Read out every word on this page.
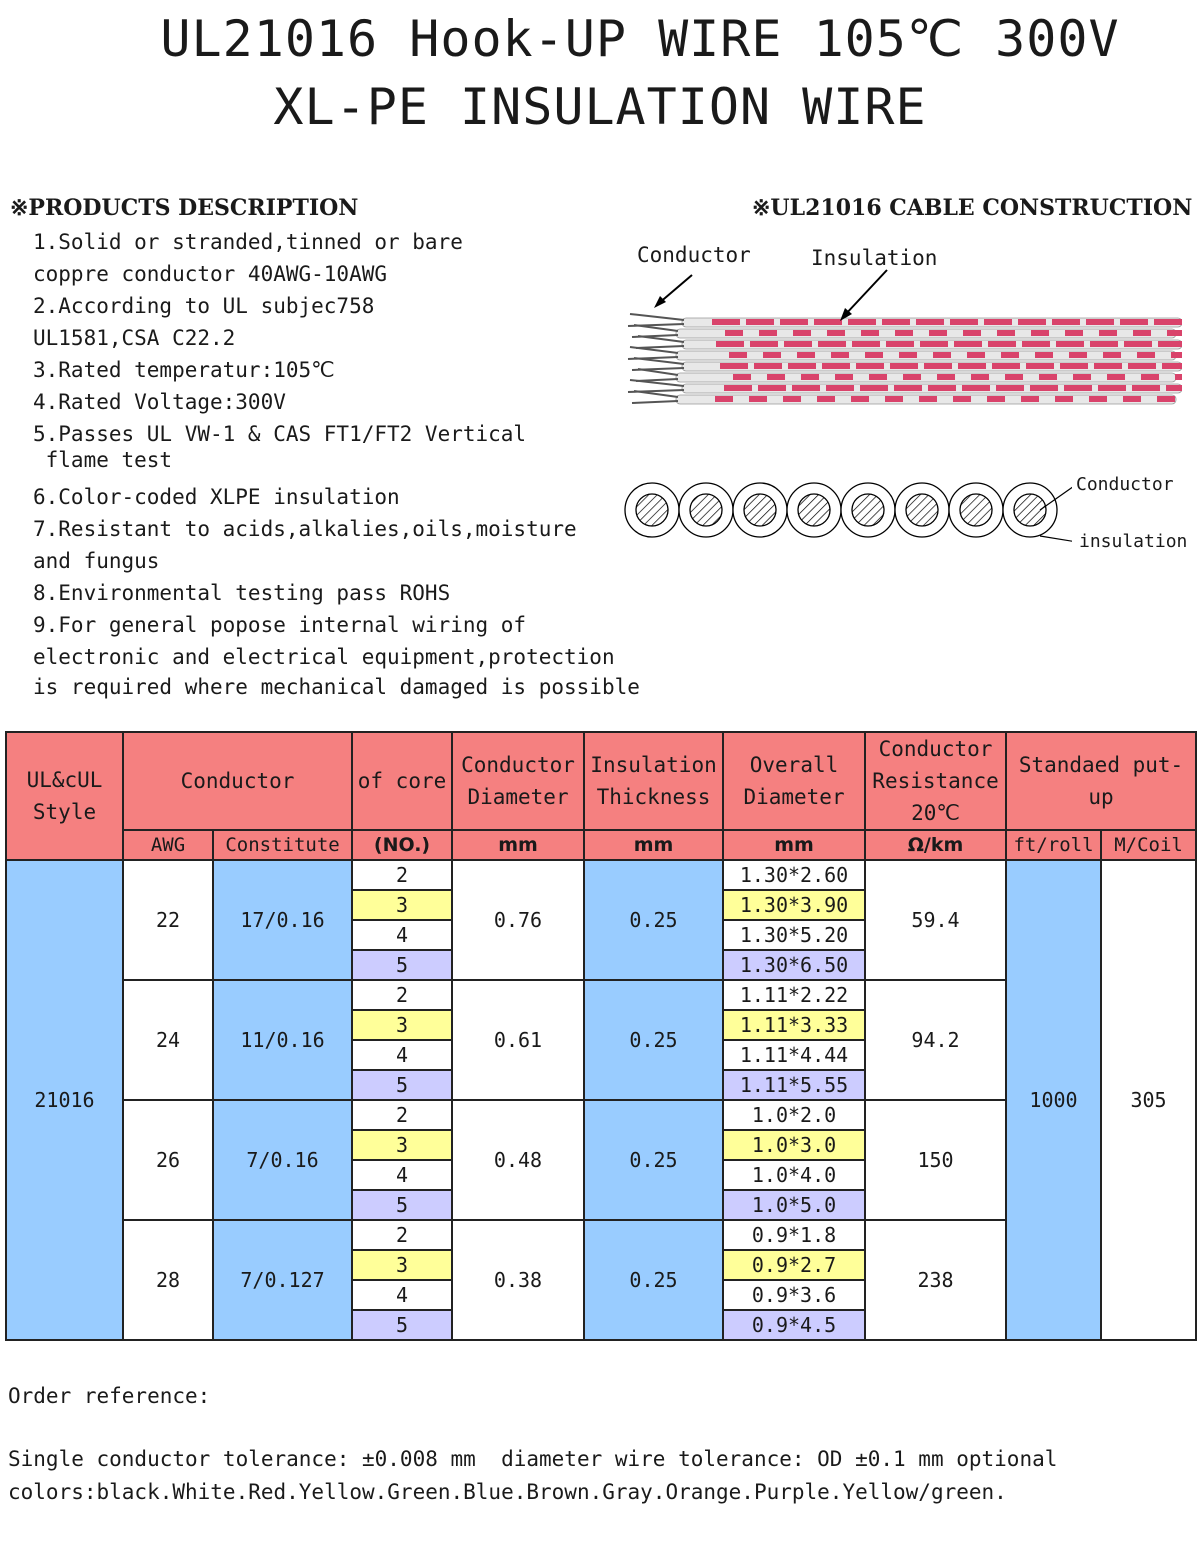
UL21016 Hook-UP WIRE 105℃ 300V
XL-PE INSULATION WIRE
※PRODUCTS DESCRIPTION	※UL21016 CABLE CONSTRUCTION
1.Solid or stranded,tinned or bare
coppre conductor 40AWG-10AWG
2.According to UL subjec758
UL1581,CSA C22.2
3.Rated temperatur:105℃
4.Rated Voltage:300V
5.Passes UL VW-1 & CAS FT1/FT2 Vertical
flame test
6.Color-coded XLPE insulation
7.Resistant to acids,alkalies,oils,moisture
and fungus
8.Environmental testing pass ROHS
9.For general popose internal wiring of
electronic and electrical equipment,protection
is required where mechanical damaged is possible
Conductor	Insulation
Conductor
insulation
UL&cUL Style	Conductor		of core	Conductor Diameter	Insulation Thickness	Overall Diameter	Conductor Resistance 20℃	Standaed put-up	
	AWG	Constitute	(NO.)	mm	mm	mm	Ω/km	ft/roll	M/Coil
21016	22	17/0.16	2	0.76	0.25	1.30*2.60	59.4	1000	305
			3			1.30*3.90			
			4			1.30*5.20			
			5			1.30*6.50			
	24	11/0.16	2	0.61	0.25	1.11*2.22	94.2		
			3			1.11*3.33			
			4			1.11*4.44			
			5			1.11*5.55			
	26	7/0.16	2	0.48	0.25	1.0*2.0	150		
			3			1.0*3.0			
			4			1.0*4.0			
			5			1.0*5.0			
	28	7/0.127	2	0.38	0.25	0.9*1.8	238		
			3			0.9*2.7			
			4			0.9*3.6			
			5			0.9*4.5			
Order reference:
Single conductor tolerance: ±0.008 mm  diameter wire tolerance: OD ±0.1 mm optional
colors:black.White.Red.Yellow.Green.Blue.Brown.Gray.Orange.Purple.Yellow/green.
